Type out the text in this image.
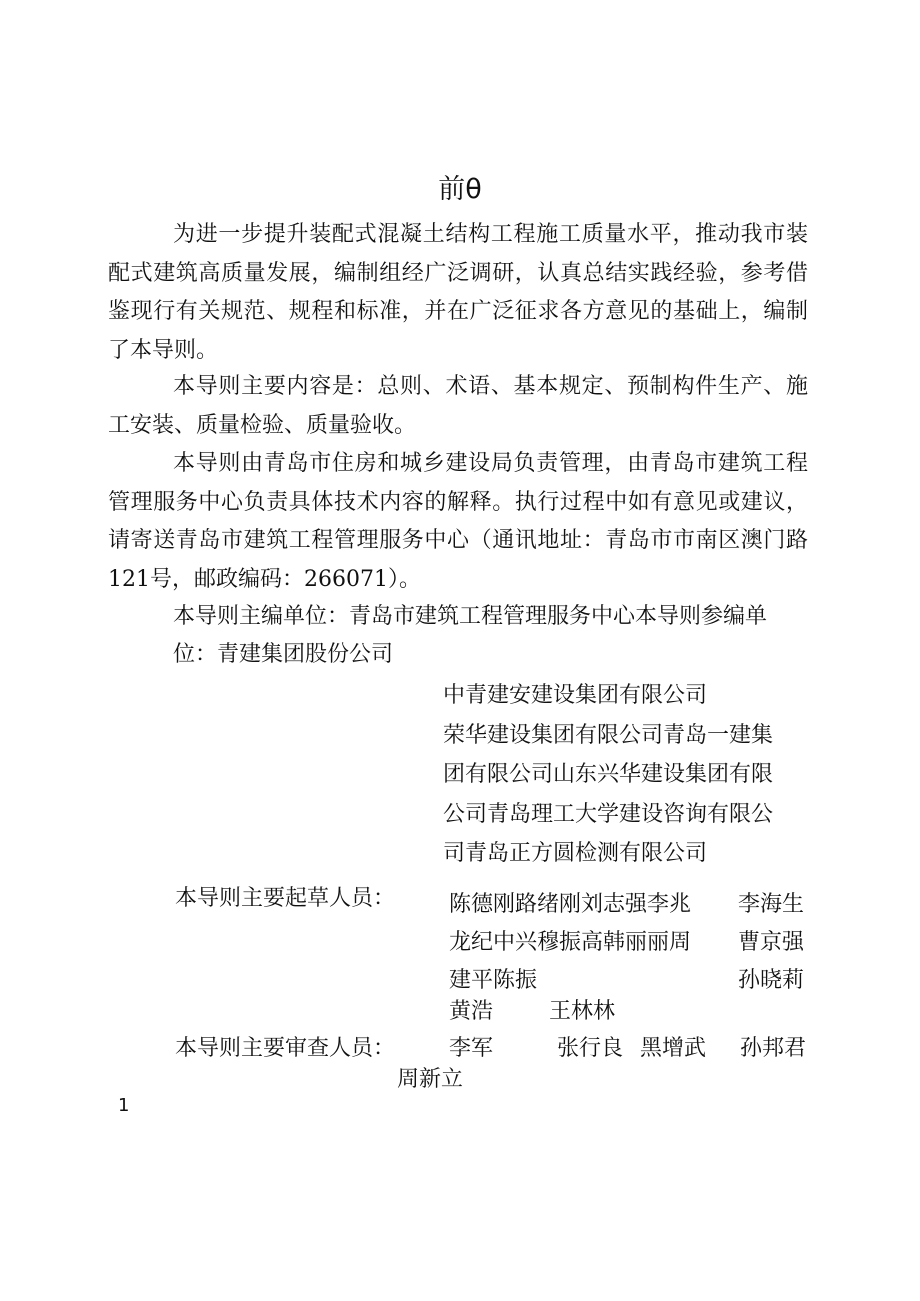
前θ

为进一步提升装配式混凝土结构工程施工质量水平，推动我市装配式建筑高质量发展，编制组经广泛调研，认真总结实践经验，参考借鉴现行有关规范、规程和标准，并在广泛征求各方意见的基础上，编制了本导则。

本导则主要内容是：总则、术语、基本规定、预制构件生产、施工安装、质量检验、质量验收。

本导则由青岛市住房和城乡建设局负责管理，由青岛市建筑工程管理服务中心负责具体技术内容的解释。执行过程中如有意见或建议，请寄送青岛市建筑工程管理服务中心（通讯地址：青岛市市南区澳门路121号，邮政编码：266071）。

本导则主编单位：青岛市建筑工程管理服务中心本导则参编单
位：青建集团股份公司
中青建安建设集团有限公司
荣华建设集团有限公司青岛一建集
团有限公司山东兴华建设集团有限
公司青岛理工大学建设咨询有限公
司青岛正方圆检测有限公司
本导则主要起草人员： 陈德刚路绪刚刘志强李兆 李海生
龙纪中兴穆振高韩丽丽周 曹京强
建平陈振	孙晓莉
黄浩	王林林
本导则主要审查人员： 李军	张行良 黑增武 孙邦君
周新立
1
